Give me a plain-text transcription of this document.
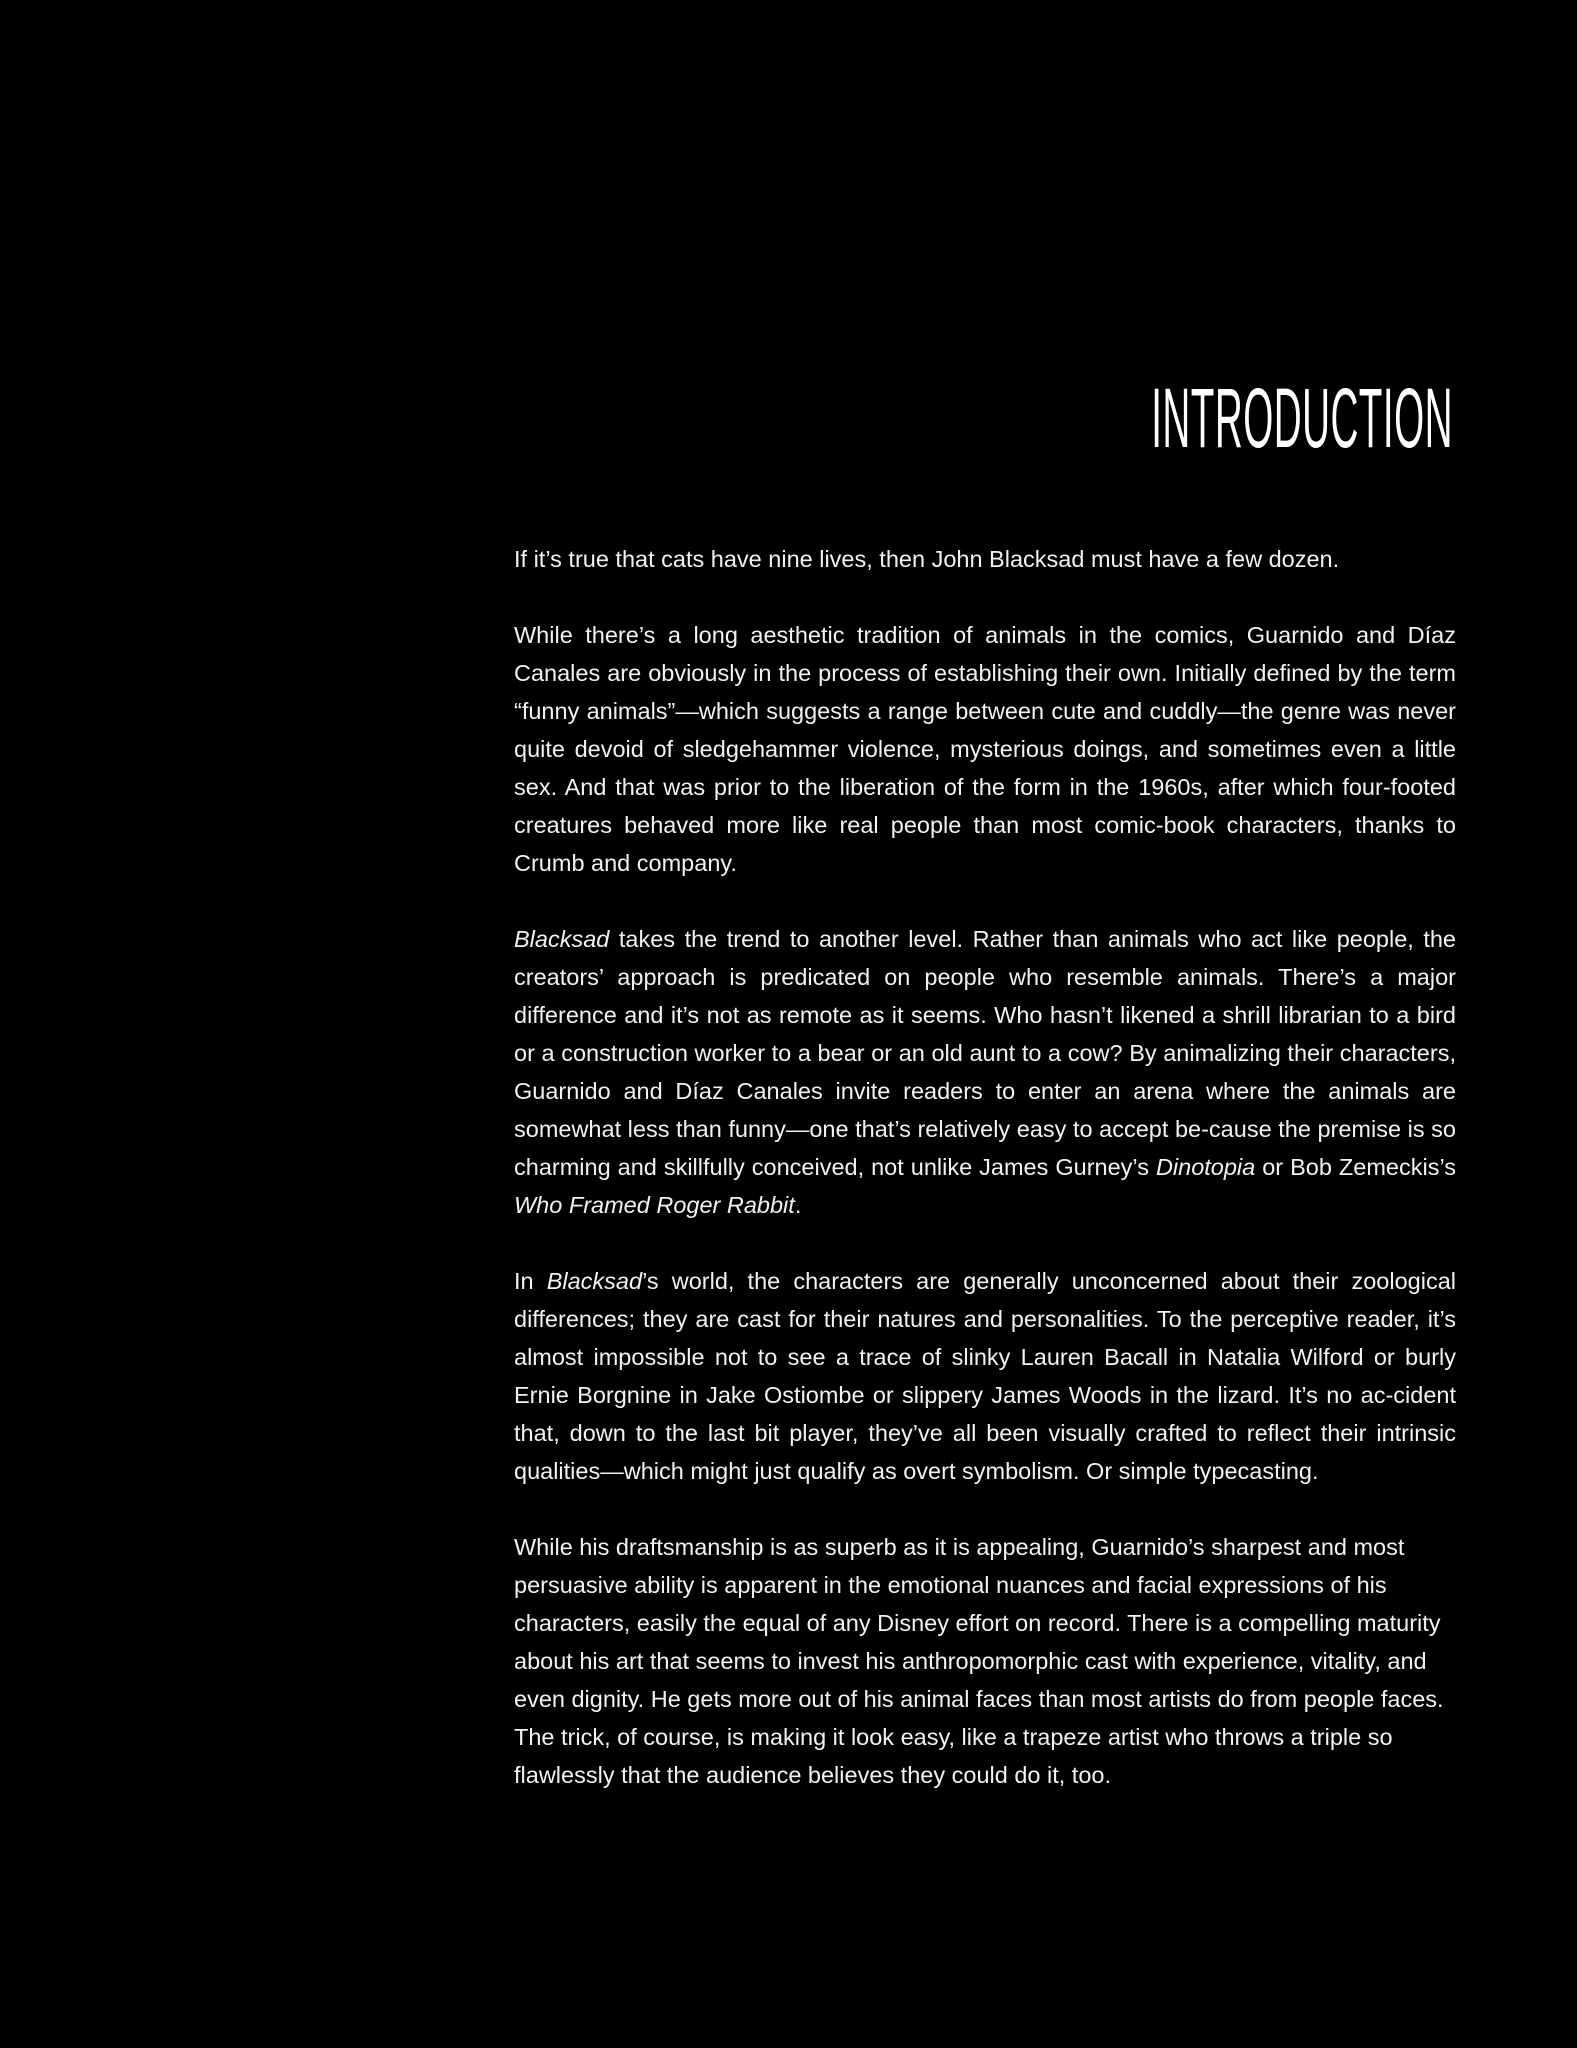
INTRODUCTION

If it’s true that cats have nine lives, then John Blacksad must have a few dozen.

While there’s a long aesthetic tradition of animals in the comics, Guarnido and Díaz Canales are obviously in the process of establishing their own. Initially defined by the term “funny animals”—which suggests a range between cute and cuddly—the genre was never quite devoid of sledgehammer violence, mysterious doings, and sometimes even a little sex. And that was prior to the liberation of the form in the 1960s, after which four-footed creatures behaved more like real people than most comic-book characters, thanks to Crumb and company.

Blacksad takes the trend to another level. Rather than animals who act like people, the creators’ approach is predicated on people who resemble animals. There’s a major difference and it’s not as remote as it seems. Who hasn’t likened a shrill librarian to a bird or a construction worker to a bear or an old aunt to a cow? By animalizing their characters, Guarnido and Díaz Canales invite readers to enter an arena where the animals are somewhat less than funny—one that’s relatively easy to accept be-cause the premise is so charming and skillfully conceived, not unlike James Gurney’s Dinotopia or Bob Zemeckis’s Who Framed Roger Rabbit.

In Blacksad’s world, the characters are generally unconcerned about their zoological differences; they are cast for their natures and personalities. To the perceptive reader, it’s almost impossible not to see a trace of slinky Lauren Bacall in Natalia Wilford or burly Ernie Borgnine in Jake Ostiombe or slippery James Woods in the lizard. It’s no ac-cident that, down to the last bit player, they’ve all been visually crafted to reflect their intrinsic qualities—which might just qualify as overt symbolism. Or simple typecasting.

While his draftsmanship is as superb as it is appealing, Guarnido’s sharpest and most persuasive ability is apparent in the emotional nuances and facial expressions of his characters, easily the equal of any Disney effort on record. There is a compelling maturity about his art that seems to invest his anthropomorphic cast with experience, vitality, and even dignity. He gets more out of his animal faces than most artists do from people faces. The trick, of course, is making it look easy, like a trapeze artist who throws a triple so flawlessly that the audience believes they could do it, too.
